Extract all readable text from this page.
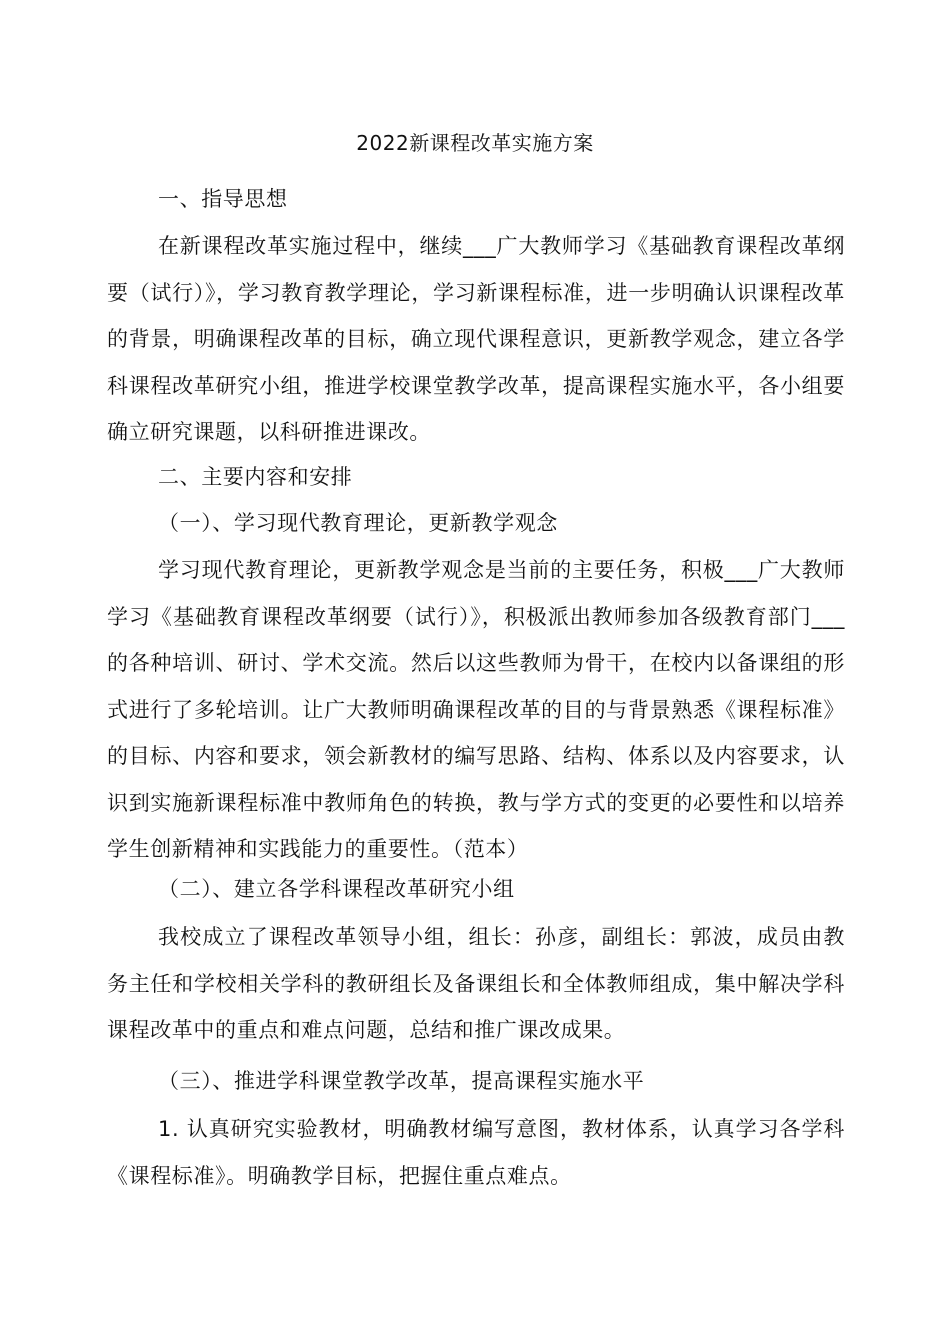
2022新课程改革实施方案
一、指导思想
在新课程改革实施过程中，继续___广大教师学习《基础教育课程改革纲要（试行）》，学习教育教学理论，学习新课程标准，进一步明确认识课程改革的背景，明确课程改革的目标，确立现代课程意识，更新教学观念，建立各学科课程改革研究小组，推进学校课堂教学改革，提高课程实施水平，各小组要确立研究课题，以科研推进课改。
二、主要内容和安排
（一）、学习现代教育理论，更新教学观念
学习现代教育理论，更新教学观念是当前的主要任务，积极___广大教师学习《基础教育课程改革纲要（试行）》，积极派出教师参加各级教育部门___的各种培训、研讨、学术交流。然后以这些教师为骨干，在校内以备课组的形式进行了多轮培训。让广大教师明确课程改革的目的与背景熟悉《课程标准》的目标、内容和要求，领会新教材的编写思路、结构、体系以及内容要求，认识到实施新课程标准中教师角色的转换，教与学方式的变更的必要性和以培养学生创新精神和实践能力的重要性。（范本）
（二）、建立各学科课程改革研究小组
我校成立了课程改革领导小组，组长：孙彦，副组长：郭波，成员由教务主任和学校相关学科的教研组长及备课组长和全体教师组成，集中解决学科课程改革中的重点和难点问题，总结和推广课改成果。
（三）、推进学科课堂教学改革，提高课程实施水平
1. 认真研究实验教材，明确教材编写意图，教材体系，认真学习各学科《课程标准》。明确教学目标，把握住重点难点。
